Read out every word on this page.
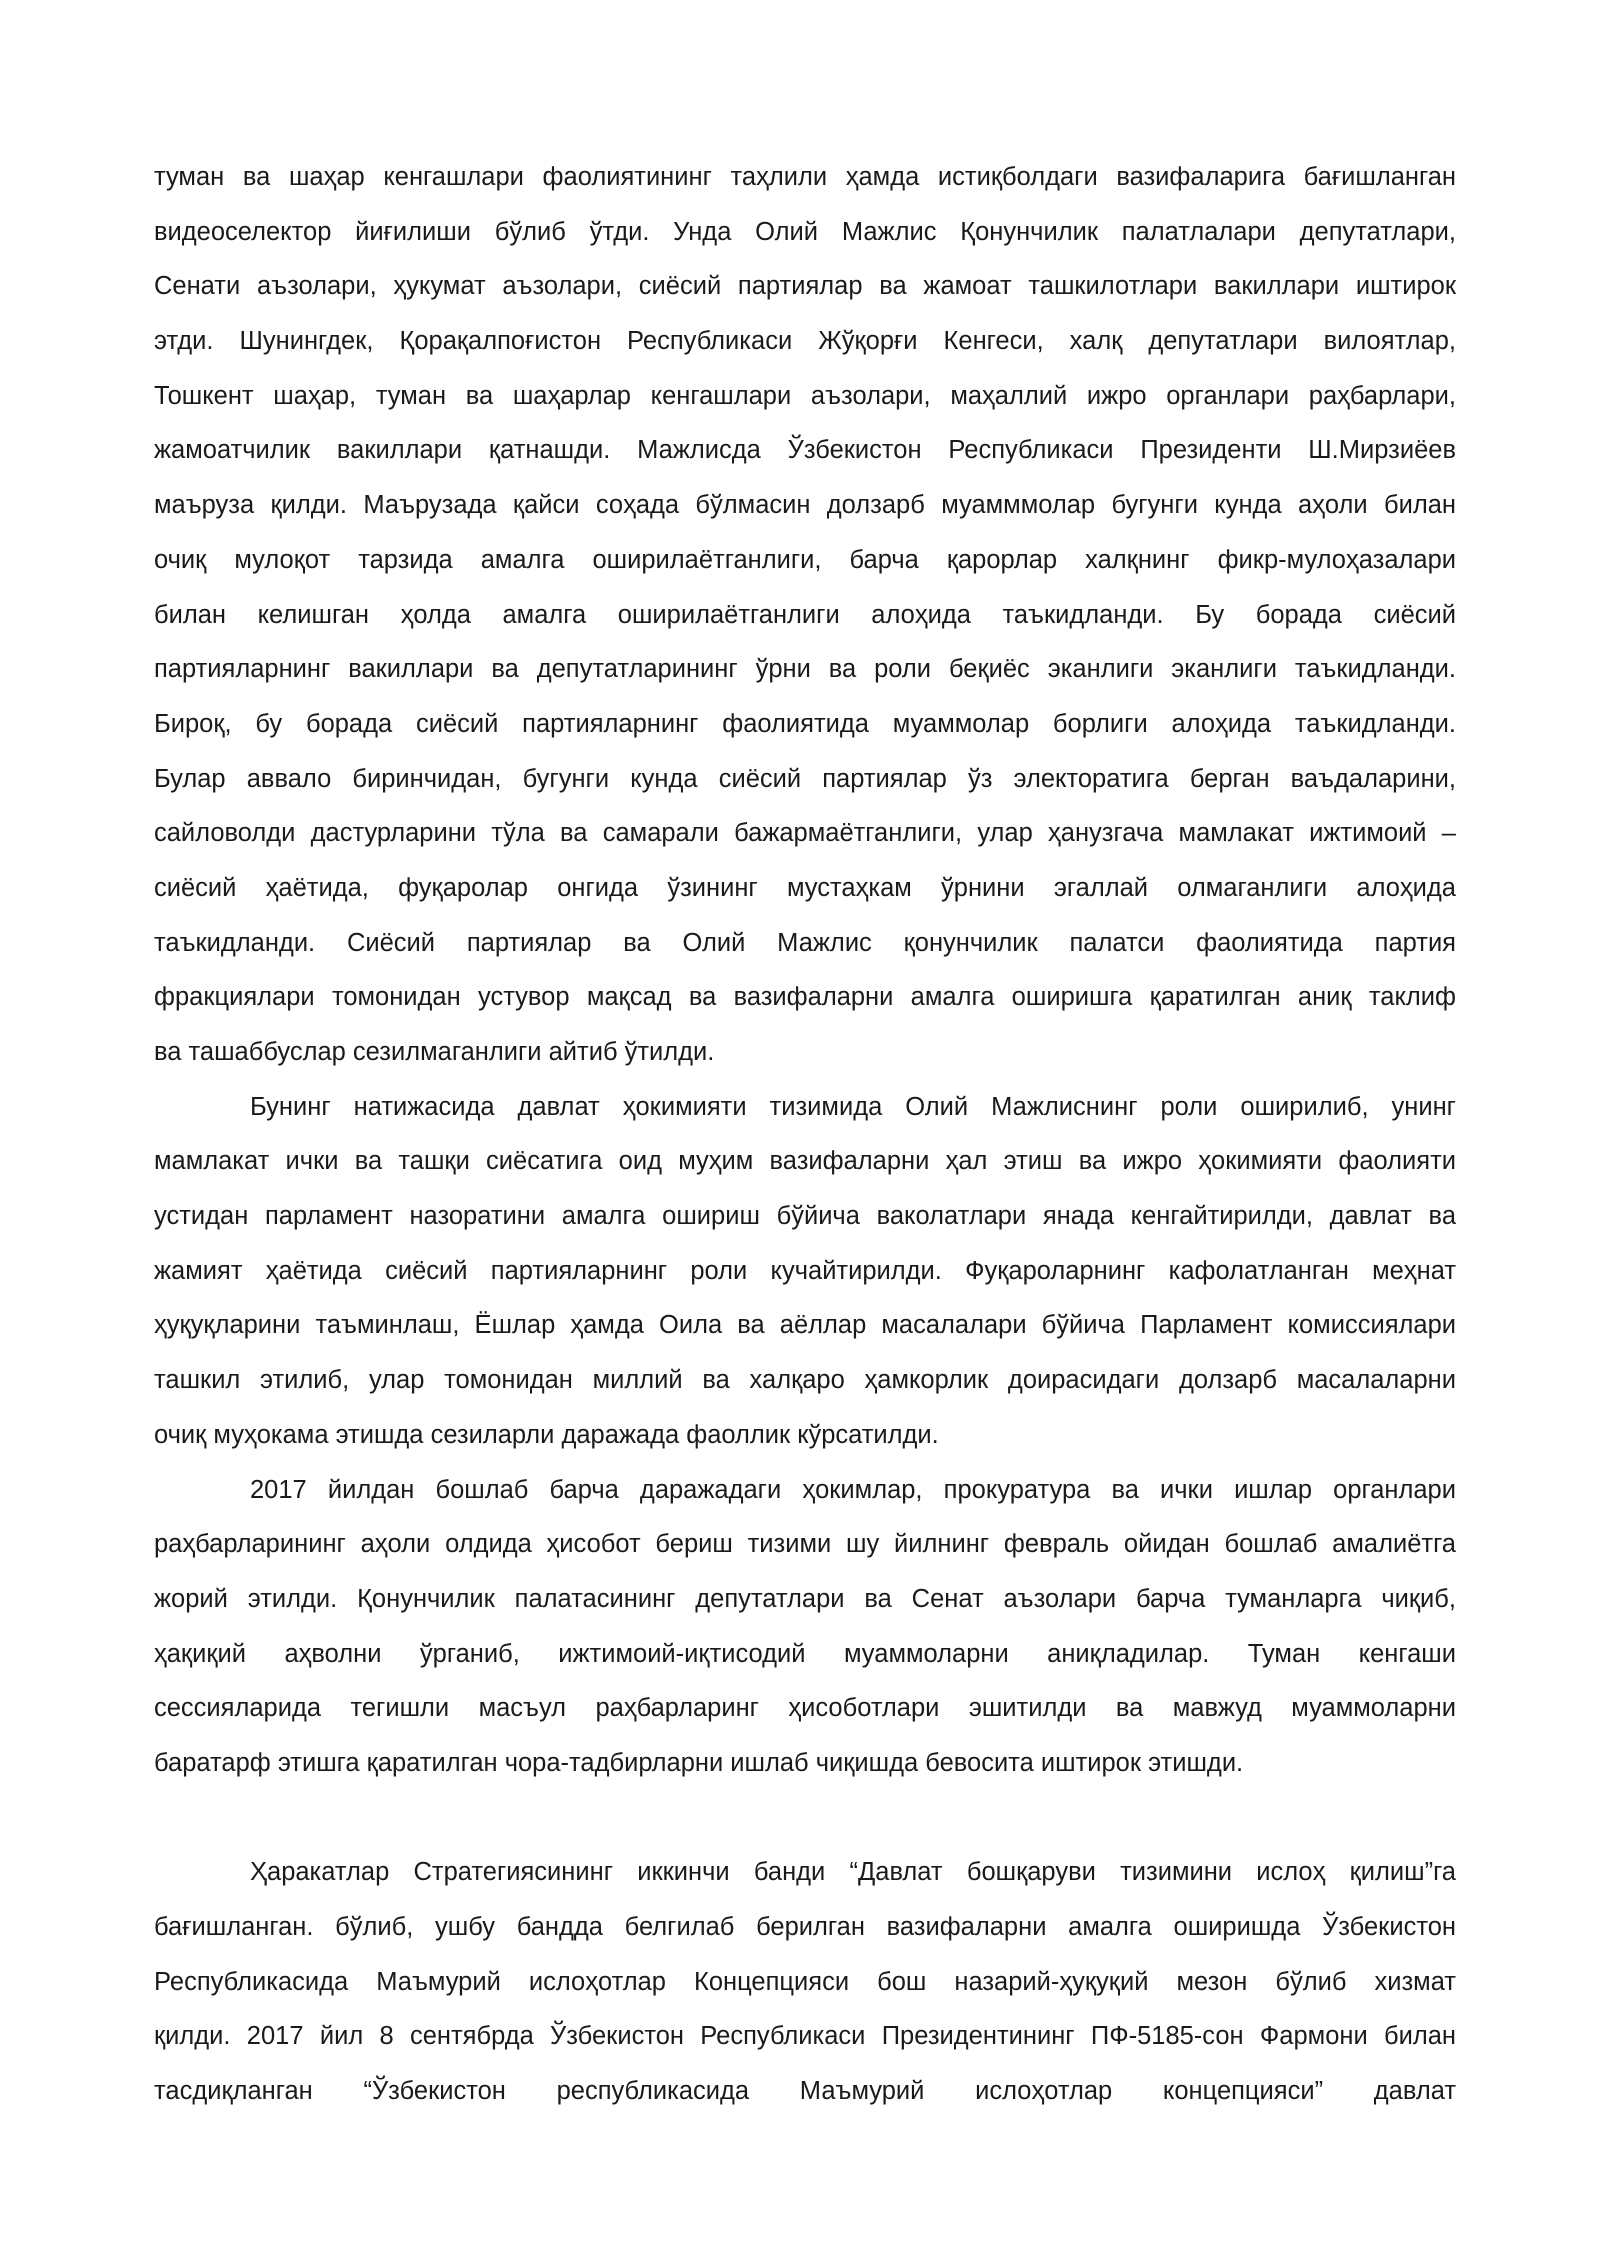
туман ва шаҳар кенгашлари фаолиятининг таҳлили ҳамда истиқболдаги вазифаларига бағишланган
видеоселектор йиғилиши бўлиб ўтди. Унда Олий Мажлис Қонунчилик палатлалари депутатлари,
Сенати аъзолари, ҳукумат аъзолари, сиёсий партиялар ва жамоат ташкилотлари вакиллари иштирок
этди. Шунингдек, Қорақалпоғистон Республикаси Жўқорғи Кенгеси, халқ депутатлари вилоятлар,
Тошкент шаҳар, туман ва шаҳарлар кенгашлари аъзолари, маҳаллий ижро органлари раҳбарлари,
жамоатчилик вакиллари қатнашди. Мажлисда Ўзбекистон Республикаси Президенти Ш.Мирзиёев
маъруза қилди. Маърузада қайси соҳада бўлмасин долзарб муамммолар бугунги кунда аҳоли билан
очиқ мулоқот тарзида амалга оширилаётганлиги, барча қарорлар халқнинг фикр-мулоҳазалари
билан келишган ҳолда амалга оширилаётганлиги алоҳида таъкидланди. Бу борада сиёсий
партияларнинг вакиллари ва депутатларининг ўрни ва роли беқиёс эканлиги эканлиги таъкидланди.
Бироқ, бу борада сиёсий партияларнинг фаолиятида муаммолар борлиги алоҳида таъкидланди.
Булар аввало биринчидан, бугунги кунда сиёсий партиялар ўз электоратига берган ваъдаларини,
сайловолди дастурларини тўла ва самарали бажармаётганлиги, улар ҳанузгача мамлакат ижтимоий –
сиёсий ҳаётида, фуқаролар онгида ўзининг мустаҳкам ўрнини эгаллай олмаганлиги алоҳида
таъкидланди. Сиёсий партиялар ва Олий Мажлис қонунчилик палатси фаолиятида партия
фракциялари томонидан устувор мақсад ва вазифаларни амалга оширишга қаратилган аниқ таклиф
ва ташаббуслар сезилмаганлиги айтиб ўтилди.
Бунинг натижасида давлат ҳокимияти тизимида Олий Мажлиснинг роли оширилиб, унинг
мамлакат ички ва ташқи сиёсатига оид муҳим вазифаларни ҳал этиш ва ижро ҳокимияти фаолияти
устидан парламент назоратини амалга ошириш бўйича ваколатлари янада кенгайтирилди, давлат ва
жамият ҳаётида сиёсий партияларнинг роли кучайтирилди. Фуқароларнинг кафолатланган меҳнат
ҳуқуқларини таъминлаш, Ёшлар ҳамда Оила ва аёллар масалалари бўйича Парламент комиссиялари
ташкил этилиб, улар томонидан миллий ва халқаро ҳамкорлик доирасидаги долзарб масалаларни
очиқ муҳокама этишда сезиларли даражада фаоллик кўрсатилди.
2017 йилдан бошлаб барча даражадаги ҳокимлар, прокуратура ва ички ишлар органлари
раҳбарларининг аҳоли олдида ҳисобот бериш тизими шу йилнинг февраль ойидан бошлаб амалиётга
жорий этилди. Қонунчилик палатасининг депутатлари ва Сенат аъзолари барча туманларга чиқиб,
ҳақиқий аҳволни ўрганиб, ижтимоий-иқтисодий муаммоларни аниқладилар. Туман кенгаши
сессияларида тегишли масъул раҳбарларинг ҳисоботлари эшитилди ва мавжуд муаммоларни
баратарф этишга қаратилган чора-тадбирларни ишлаб чиқишда бевосита иштирок этишди.
Ҳаракатлар Стратегиясининг иккинчи банди “Давлат бошқаруви тизимини ислоҳ қилиш”га
бағишланган. бўлиб, ушбу бандда белгилаб берилган вазифаларни амалга оширишда Ўзбекистон
Республикасида Маъмурий ислоҳотлар Концепцияси бош назарий-ҳуқуқий мезон бўлиб хизмат
қилди. 2017 йил 8 сентябрда Ўзбекистон Республикаси Президентининг ПФ-5185-сон Фармони билан
тасдиқланган “Ўзбекистон республикасида Маъмурий ислоҳотлар концепцияси” давлат
